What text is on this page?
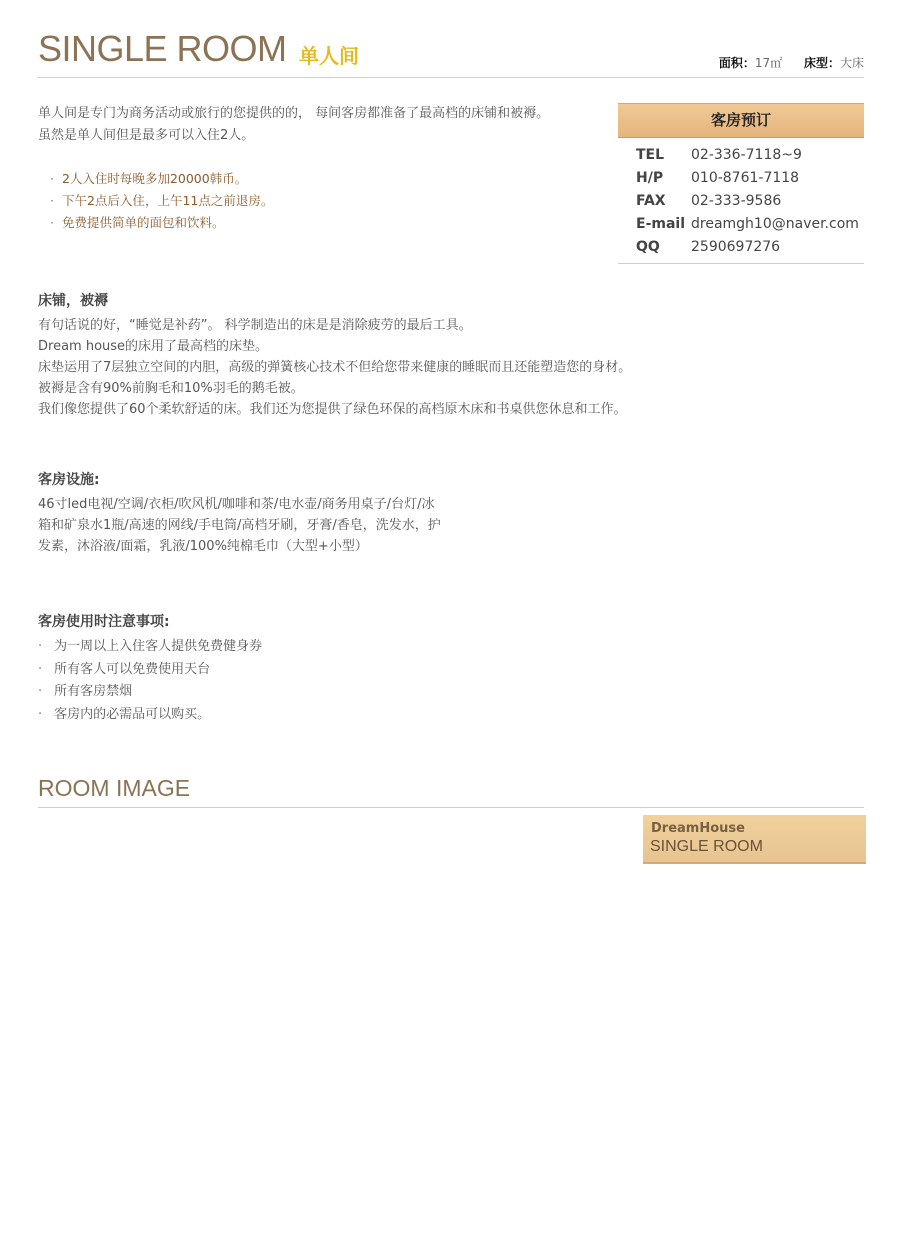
SINGLE ROOM 单人间	面积：17㎡ 床型：大床
单人间是专门为商务活动或旅行的您提供的的， 每间客房都准备了最高档的床铺和被褥。
虽然是单人间但是最多可以入住2人。
· 2人入住时每晚多加20000韩币。
· 下午2点后入住，上午11点之前退房。
· 免费提供简单的面包和饮料。
客房预订
TEL	02-336-7118~9
H/P	010-8761-7118
FAX	02-333-9586
E-mail dreamgh10@naver.com
QQ	2590697276
床铺，被褥
有句话说的好，“睡觉是补药”。 科学制造出的床是是消除疲劳的最后工具。
Dream house的床用了最高档的床垫。
床垫运用了7层独立空间的内胆，高级的弹簧核心技术不但给您带来健康的睡眠而且还能塑造您的身材。
被褥是含有90%前胸毛和10%羽毛的鹅毛被。
我们像您提供了60个柔软舒适的床。我们还为您提供了绿色环保的高档原木床和书桌供您休息和工作。
客房设施:
46寸led电视/空调/衣柜/吹风机/咖啡和茶/电水壶/商务用桌子/台灯/冰
箱和矿泉水1瓶/高速的网线/手电筒/高档牙刷，牙膏/香皂，洗发水，护
发素，沐浴液/面霜，乳液/100%纯棉毛巾（大型+小型）
客房使用时注意事项:
· 为一周以上入住客人提供免费健身券
· 所有客人可以免费使用天台
· 所有客房禁烟
· 客房内的必需品可以购买。
ROOM IMAGE
DreamHouse
SINGLE ROOM
